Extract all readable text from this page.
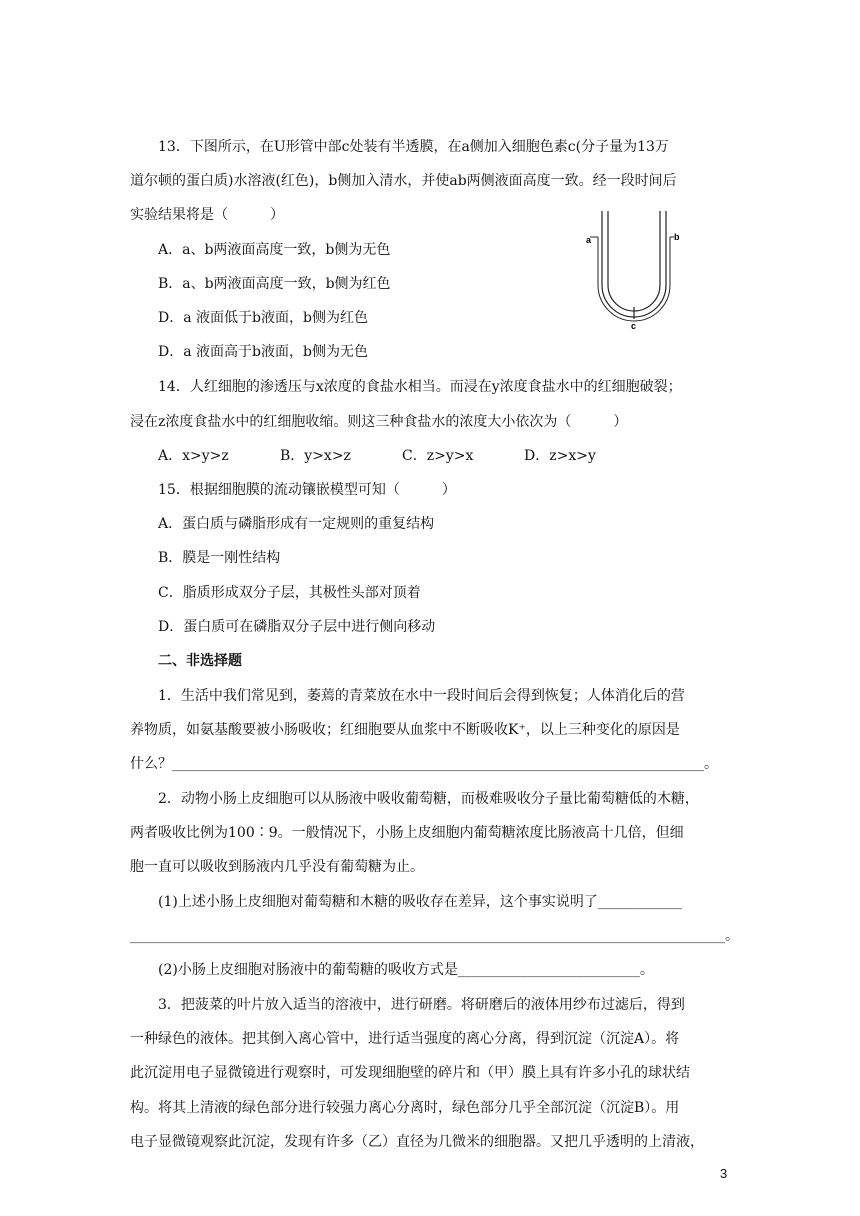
13．下图所示，在U形管中部c处装有半透膜，在a侧加入细胞色素c(分子量为13万
道尔顿的蛋白质)水溶液(红色)，b侧加入清水，并使ab两侧液面高度一致。经一段时间后
实验结果将是（　　　）
A．a、b两液面高度一致，b侧为无色
B．a、b两液面高度一致，b侧为红色
D．a 液面低于b液面，b侧为红色
D．a 液面高于b液面，b侧为无色
a	b
c
14．人红细胞的渗透压与x浓度的食盐水相当。而浸在y浓度食盐水中的红细胞破裂；
浸在z浓度食盐水中的红细胞收缩。则这三种食盐水的浓度大小依次为（　　　）
A．x>y>z	B．y>x>z	C．z>y>x	D．z>x>y
15．根据细胞膜的流动镶嵌模型可知（　　　）
A．蛋白质与磷脂形成有一定规则的重复结构
B．膜是一刚性结构
C．脂质形成双分子层，其极性头部对顶着
D．蛋白质可在磷脂双分子层中进行侧向移动
二、非选择题
1．生活中我们常见到，萎蔫的青菜放在水中一段时间后会得到恢复；人体消化后的营
养物质，如氨基酸要被小肠吸收；红细胞要从血浆中不断吸收K⁺，以上三种变化的原因是
什么？____________________________________________________________________________。
2．动物小肠上皮细胞可以从肠液中吸收葡萄糖，而极难吸收分子量比葡萄糖低的木糖，
两者吸收比例为100∶9。一般情况下，小肠上皮细胞内葡萄糖浓度比肠液高十几倍，但细
胞一直可以吸收到肠液内几乎没有葡萄糖为止。
(1)上述小肠上皮细胞对葡萄糖和木糖的吸收存在差异，这个事实说明了____________
_____________________________________________________________________________________。
(2)小肠上皮细胞对肠液中的葡萄糖的吸收方式是__________________________。
3．把菠菜的叶片放入适当的溶液中，进行研磨。将研磨后的液体用纱布过滤后，得到
一种绿色的液体。把其倒入离心管中，进行适当强度的离心分离，得到沉淀（沉淀A）。将
此沉淀用电子显微镜进行观察时，可发现细胞壁的碎片和（甲）膜上具有许多小孔的球状结
构。将其上清液的绿色部分进行较强力离心分离时，绿色部分几乎全部沉淀（沉淀B）。用
电子显微镜观察此沉淀，发现有许多（乙）直径为几微米的细胞器。又把几乎透明的上清液，
3
